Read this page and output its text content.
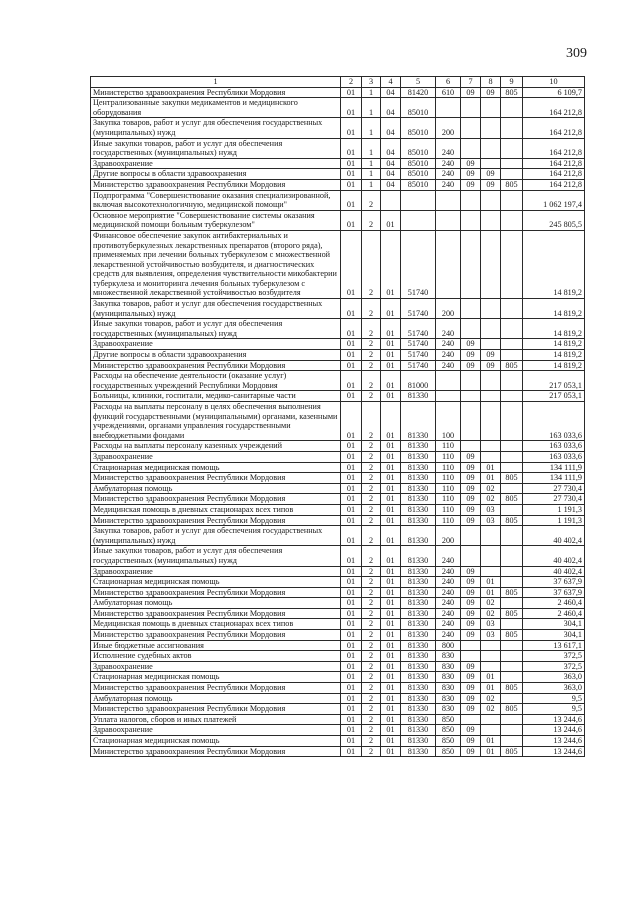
309
1	2	3	4	5	6	7	8	9	10
Министерство здравоохранения Республики Мордовия	01	1	04	81420	610	09	09	805	6 109,7
Централизованные закупки медикаментов и медицинского оборудования	01	1	04	85010					164 212,8
Закупка товаров, работ и услуг для обеспечения государственных (муниципальных) нужд	01	1	04	85010	200				164 212,8
Иные закупки товаров, работ и услуг для обеспечения государственных (муниципальных) нужд	01	1	04	85010	240				164 212,8
Здравоохранение	01	1	04	85010	240	09			164 212,8
Другие вопросы в области здравоохранения	01	1	04	85010	240	09	09		164 212,8
Министерство здравоохранения Республики Мордовия	01	1	04	85010	240	09	09	805	164 212,8
Подпрограмма "Совершенствование оказания специализированной, включая высокотехнологичную, медицинской помощи"	01	2							1 062 197,4
Основное мероприятие "Совершенствование системы оказания медицинской помощи больным туберкулезом"	01	2	01						245 805,5
Финансовое обеспечение закупок антибактериальных и противотуберкулезных лекарственных препаратов (второго ряда), применяемых при лечении больных туберкулезом с множественной лекарственной устойчивостью возбудителя, и диагностических средств для выявления, определения чувствительности микобактерии туберкулеза и мониторинга лечения больных туберкулезом с множественной лекарственной устойчивостью возбудителя	01	2	01	51740					14 819,2
Закупка товаров, работ и услуг для обеспечения государственных (муниципальных) нужд	01	2	01	51740	200				14 819,2
Иные закупки товаров, работ и услуг для обеспечения государственных (муниципальных) нужд	01	2	01	51740	240				14 819,2
Здравоохранение	01	2	01	51740	240	09			14 819,2
Другие вопросы в области здравоохранения	01	2	01	51740	240	09	09		14 819,2
Министерство здравоохранения Республики Мордовия	01	2	01	51740	240	09	09	805	14 819,2
Расходы на обеспечение деятельности (оказание услуг) государственных учреждений Республики Мордовия	01	2	01	81000					217 053,1
Больницы, клиники, госпитали, медико-санитарные части	01	2	01	81330					217 053,1
Расходы на выплаты персоналу в целях обеспечения выполнения функций государственными (муниципальными) органами, казенными учреждениями, органами управления государственными внебюджетными фондами	01	2	01	81330	100				163 033,6
Расходы на выплаты персоналу казенных учреждений	01	2	01	81330	110				163 033,6
Здравоохранение	01	2	01	81330	110	09			163 033,6
Стационарная медицинская помощь	01	2	01	81330	110	09	01		134 111,9
Министерство здравоохранения Республики Мордовия	01	2	01	81330	110	09	01	805	134 111,9
Амбулаторная помощь	01	2	01	81330	110	09	02		27 730,4
Министерство здравоохранения Республики Мордовия	01	2	01	81330	110	09	02	805	27 730,4
Медицинская помощь в дневных стационарах всех типов	01	2	01	81330	110	09	03		1 191,3
Министерство здравоохранения Республики Мордовия	01	2	01	81330	110	09	03	805	1 191,3
Закупка товаров, работ и услуг для обеспечения государственных (муниципальных) нужд	01	2	01	81330	200				40 402,4
Иные закупки товаров, работ и услуг для обеспечения государственных (муниципальных) нужд	01	2	01	81330	240				40 402,4
Здравоохранение	01	2	01	81330	240	09			40 402,4
Стационарная медицинская помощь	01	2	01	81330	240	09	01		37 637,9
Министерство здравоохранения Республики Мордовия	01	2	01	81330	240	09	01	805	37 637,9
Амбулаторная помощь	01	2	01	81330	240	09	02		2 460,4
Министерство здравоохранения Республики Мордовия	01	2	01	81330	240	09	02	805	2 460,4
Медицинская помощь в дневных стационарах всех типов	01	2	01	81330	240	09	03		304,1
Министерство здравоохранения Республики Мордовия	01	2	01	81330	240	09	03	805	304,1
Иные бюджетные ассигнования	01	2	01	81330	800				13 617,1
Исполнение судебных актов	01	2	01	81330	830				372,5
Здравоохранение	01	2	01	81330	830	09			372,5
Стационарная медицинская помощь	01	2	01	81330	830	09	01		363,0
Министерство здравоохранения Республики Мордовия	01	2	01	81330	830	09	01	805	363,0
Амбулаторная помощь	01	2	01	81330	830	09	02		9,5
Министерство здравоохранения Республики Мордовия	01	2	01	81330	830	09	02	805	9,5
Уплата налогов, сборов и иных платежей	01	2	01	81330	850				13 244,6
Здравоохранение	01	2	01	81330	850	09			13 244,6
Стационарная медицинская помощь	01	2	01	81330	850	09	01		13 244,6
Министерство здравоохранения Республики Мордовия	01	2	01	81330	850	09	01	805	13 244,6
